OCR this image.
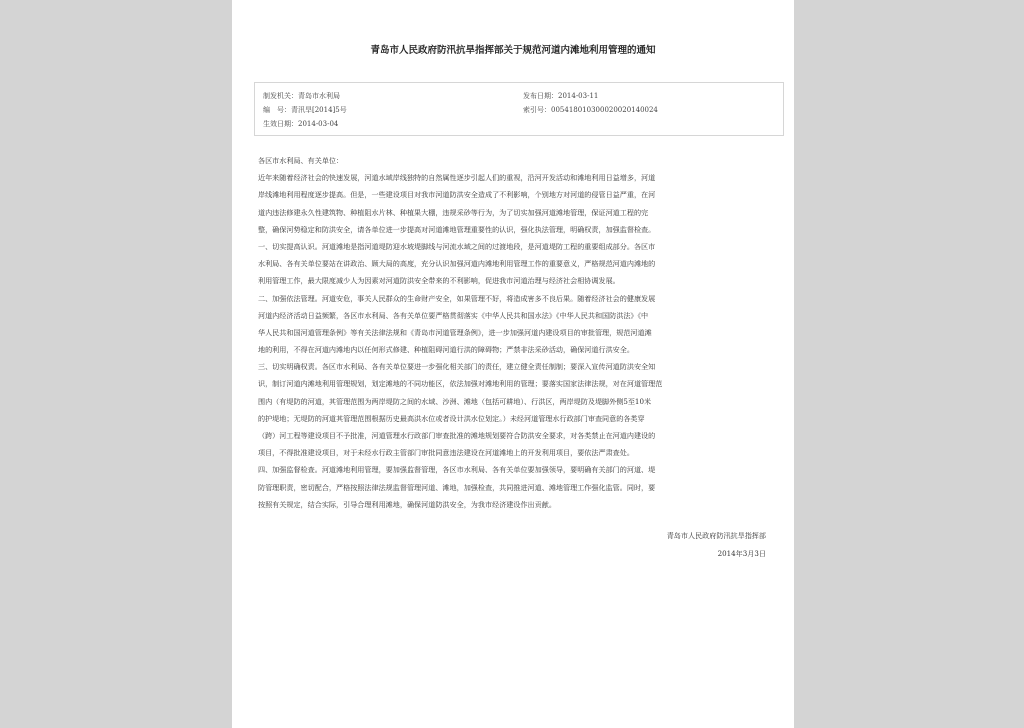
青岛市人民政府防汛抗旱指挥部关于规范河道内滩地利用管理的通知
制发机关：青岛市水利局	发布日期：2014-03-11
编　号：青汛旱[2014]5号	索引号：00541801030002002014002​4
生效日期：2014-03-04
各区市水利局、有关单位：
近年来随着经济社会的快速发展，河道水域岸线独特的自然属性逐步引起人们的重视，沿河开发活动和滩地利用日益增多，河道
岸线滩地利用程度逐步提高。但是，一些建设项目对我市河道防洪安全造成了不利影响，个别地方对河道的侵管日益严重，在河
道内违法修建永久性建筑物、种植阻水片林、种植果大棚，违规采砂等行为，为了切实加强河道滩地管理，保证河道工程的完
整，确保河势稳定和防洪安全，请各单位进一步提高对河道滩地管理重要性的认识，强化执法管理，明确权责，加强监督检查。
一、切实提高认识。河道滩地是指河道堤防迎水坡堤脚线与河流水域之间的过渡地段，是河道堤防工程的重要组成部分。各区市
水利局、各有关单位要站在讲政治、顾大局的高度，充分认识加强河道内滩地利用管理工作的重要意义，严格规范河道内滩地的
利用管理工作，最大限度减少人为因素对河道防洪安全带来的不利影响，促进我市河道治理与经济社会相协调发展。
二、加强依法管理。河道安危，事关人民群众的生命财产安全，如果管理不好，将造成害多不良后果。随着经济社会的健康发展
河道内经济活动日益频繁，各区市水利局、各有关单位要严格贯彻落实《中华人民共和国水法》《中华人民共和国防洪法》《中
华人民共和国河道管理条例》等有关法律法规和《青岛市河道管理条例》，进一步加强河道内建设项目的审批管理，规范河道滩
地的利用，不得在河道内滩地内以任何形式修建、种植阻碍河道行洪的障碍物；严禁非法采砂活动，确保河道行洪安全。
三、切实明确权责。各区市水利局、各有关单位要进一步强化相关部门的责任，建立健全责任制制；要深入宣传河道防洪安全知
识，制订河道内滩地利用管理规划，划定滩地的不同功能区，依法加强对滩地利用的管理；要落实国家法律法规，对在河道管理范
围内（有堤防的河道，其管理范围为两岸堤防之间的水域、沙洲、滩地（包括可耕地）、行洪区，两岸堤防及堤脚外侧5至10米
的护堤地；无堤防的河道其管理范围根据历史最高洪水位或者设计洪水位划定。）未经河道管理水行政部门审查同意的各类穿
（跨）河工程等建设项目不予批准，河道管理水行政部门审查批准的滩地规划要符合防洪安全要求，对各类禁止在河道内建设的
项目，不得批准建设项目，对于未经水行政主管部门审批同意违法建设在河道滩地上的开发利用项目，要依法严肃查处。
四、加强监督检查。河道滩地利用管理，要加强监督管理，各区市水利局、各有关单位要加强领导，要明确有关部门的河道、堤
防管理职责，密切配合，严格按照法律法规监督管理河道、滩地，加强检查，共同推进河道、滩地管理工作强化监管。同时，要
按照有关规定，结合实际，引导合理利用滩地，确保河道防洪安全，为我市经济建设作出贡献。
青岛市人民政府防汛抗旱指挥部
2014年3月3日
